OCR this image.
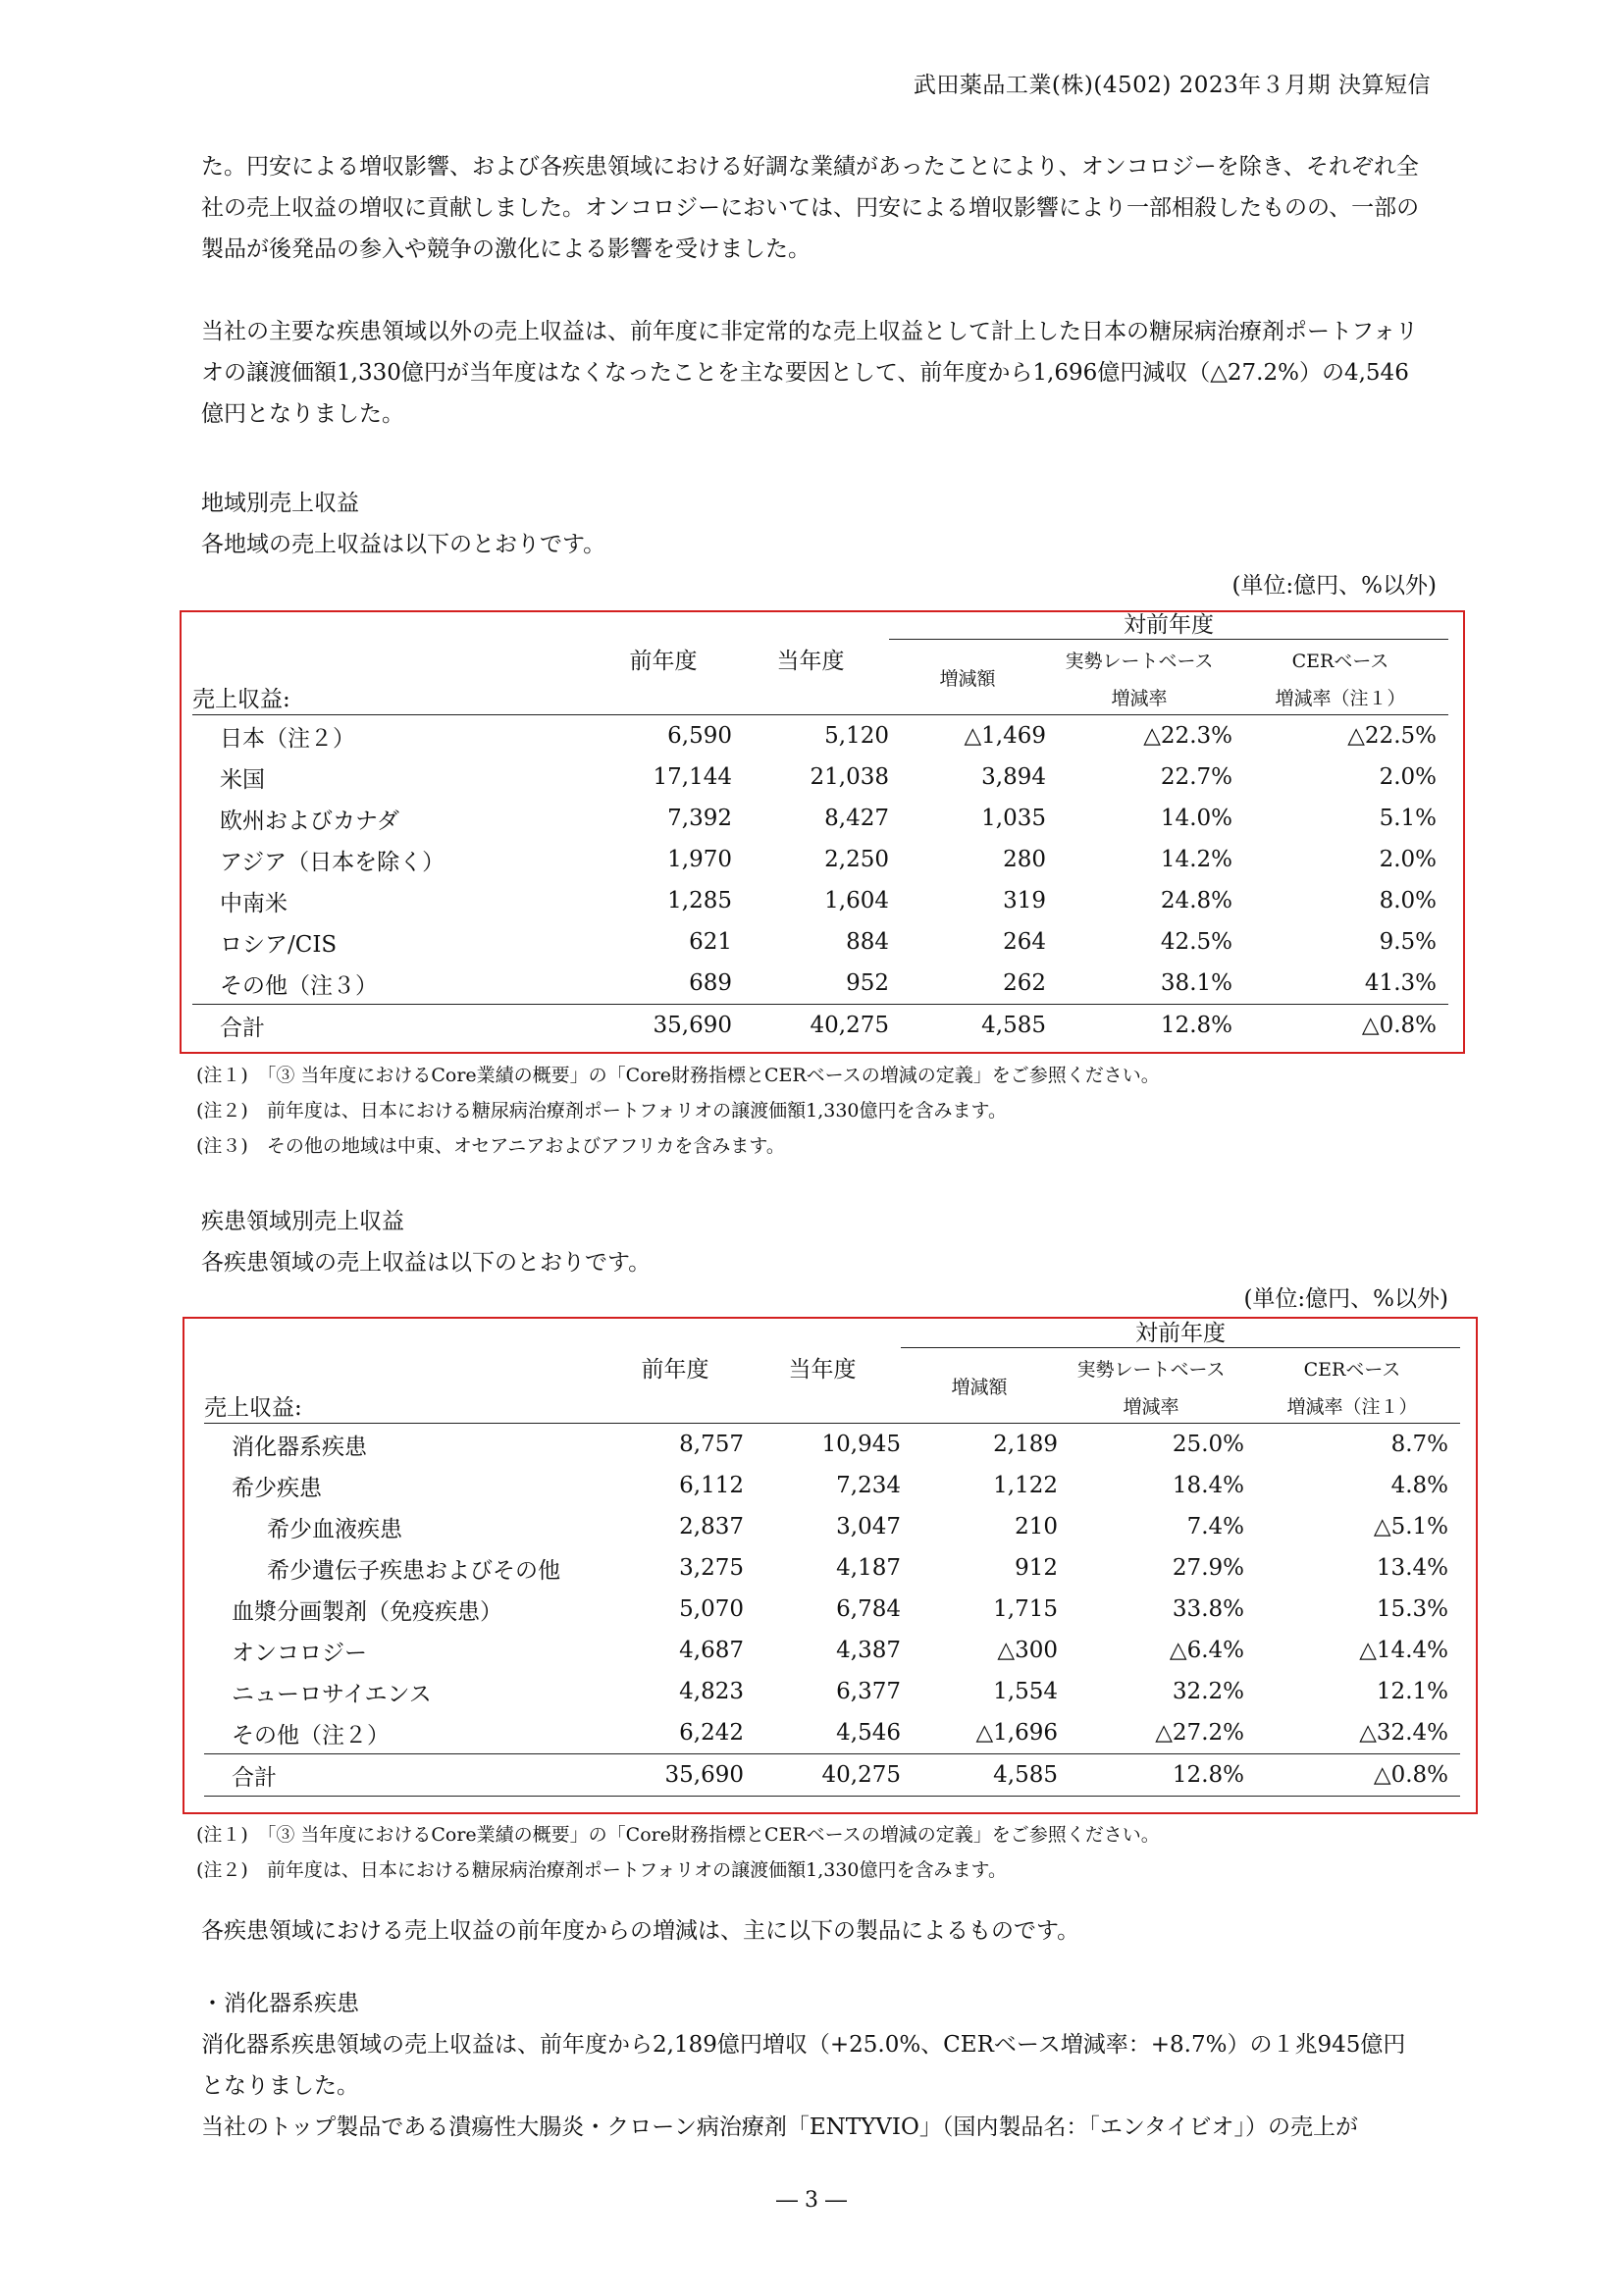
武田薬品工業(株)(4502) 2023年３月期 決算短信

た。円安による増収影響、および各疾患領域における好調な業績があったことにより、オンコロジーを除き、それぞれ全社の売上収益の増収に貢献しました。オンコロジーにおいては、円安による増収影響により一部相殺したものの、一部の製品が後発品の参入や競争の激化による影響を受けました。

当社の主要な疾患領域以外の売上収益は、前年度に非定常的な売上収益として計上した日本の糖尿病治療剤ポートフォリオの譲渡価額1,330億円が当年度はなくなったことを主な要因として、前年度から1,696億円減収（△27.2%）の4,546億円となりました。

地域別売上収益
各地域の売上収益は以下のとおりです。
(単位:億円、%以外)
			対前年度		
	前年度	当年度	増減額	実勢レートベース	CERベース
売上収益:				増減率	増減率（注１）
日本（注２）	6,590	5,120	△1,469	△22.3%	△22.5%
米国	17,144	21,038	3,894	22.7%	2.0%
欧州およびカナダ	7,392	8,427	1,035	14.0%	5.1%
アジア（日本を除く）	1,970	2,250	280	14.2%	2.0%
中南米	1,285	1,604	319	24.8%	8.0%
ロシア/CIS	621	884	264	42.5%	9.5%
その他（注３）	689	952	262	38.1%	41.3%
合計	35,690	40,275	4,585	12.8%	△0.8%
(注１)　「③ 当年度におけるCore業績の概要」の「Core財務指標とCERベースの増減の定義」をご参照ください。
(注２)　前年度は、日本における糖尿病治療剤ポートフォリオの譲渡価額1,330億円を含みます。
(注３)　その他の地域は中東、オセアニアおよびアフリカを含みます。
疾患領域別売上収益
各疾患領域の売上収益は以下のとおりです。
(単位:億円、%以外)
			対前年度		
	前年度	当年度	増減額	実勢レートベース	CERベース
売上収益:				増減率	増減率（注１）
消化器系疾患	8,757	10,945	2,189	25.0%	8.7%
希少疾患	6,112	7,234	1,122	18.4%	4.8%
希少血液疾患	2,837	3,047	210	7.4%	△5.1%
希少遺伝子疾患およびその他	3,275	4,187	912	27.9%	13.4%
血漿分画製剤（免疫疾患）	5,070	6,784	1,715	33.8%	15.3%
オンコロジー	4,687	4,387	△300	△6.4%	△14.4%
ニューロサイエンス	4,823	6,377	1,554	32.2%	12.1%
その他（注２）	6,242	4,546	△1,696	△27.2%	△32.4%
合計	35,690	40,275	4,585	12.8%	△0.8%
(注１)　「③ 当年度におけるCore業績の概要」の「Core財務指標とCERベースの増減の定義」をご参照ください。
(注２)　前年度は、日本における糖尿病治療剤ポートフォリオの譲渡価額1,330億円を含みます。

各疾患領域における売上収益の前年度からの増減は、主に以下の製品によるものです。

・消化器系疾患

消化器系疾患領域の売上収益は、前年度から2,189億円増収（+25.0%、CERベース増減率：+8.7%）の１兆945億円となりました。

当社のトップ製品である潰瘍性大腸炎・クローン病治療剤「ENTYVIO」（国内製品名：「エンタイビオ」）の売上が

― 3 ―
